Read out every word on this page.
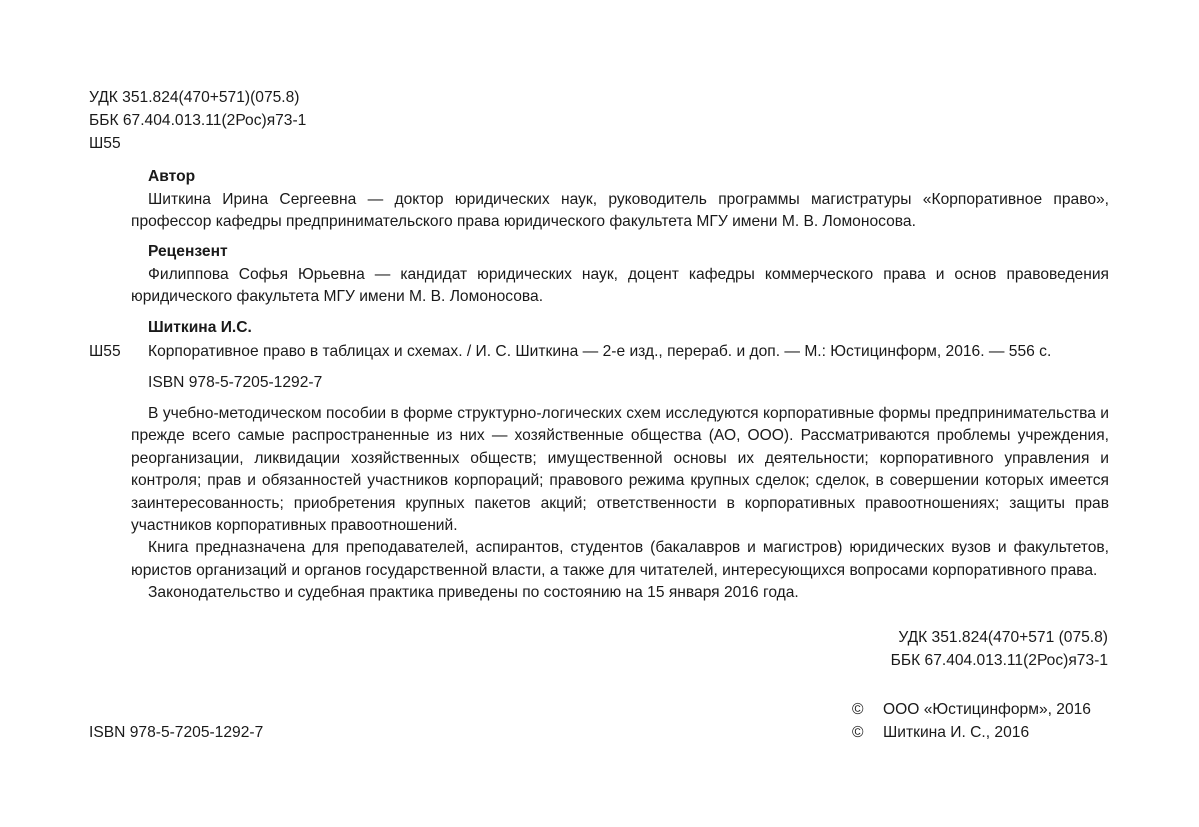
УДК 351.824(470+571)(075.8)
ББК 67.404.013.11(2Рос)я73-1
Ш55
Автор

Шиткина Ирина Сергеевна — доктор юридических наук, руководитель программы магистратуры «Корпоративное право», профессор кафедры предпринимательского права юридического факультета МГУ имени М. В. Ломоносова.

Рецензент

Филиппова Софья Юрьевна — кандидат юридических наук, доцент кафедры коммерческого права и основ правоведения юридического факультета МГУ имени М. В. Ломоносова.

Шиткина И.С.
Ш55 Корпоративное право в таблицах и схемах. / И. С. Шиткина — 2-е изд., перераб. и доп. — М.: Юстицинформ, 2016. — 556 с.
ISBN 978-5-7205-1292-7

В учебно-методическом пособии в форме структурно-логических схем исследуются корпоративные формы предпринимательства и прежде всего самые распространенные из них — хозяйственные общества (АО, ООО). Рассматриваются проблемы учреждения, реорганизации, ликвидации хозяйственных обществ; имущественной основы их деятельности; корпоративного управления и контроля; прав и обязанностей участников корпораций; правового режима крупных сделок; сделок, в совершении которых имеется заинтересованность; приобретения крупных пакетов акций; ответственности в корпоративных правоотношениях; защиты прав участников корпоративных правоотношений.

Книга предназначена для преподавателей, аспирантов, студентов (бакалавров и магистров) юридических вузов и факультетов, юристов организаций и органов государственной власти, а также для читателей, интересующихся вопросами корпоративного права.

Законодательство и судебная практика приведены по состоянию на 15 января 2016 года.

УДК 351.824(470+571 (075.8)
ББК 67.404.013.11(2Рос)я73-1
ISBN 978-5-7205-1292-7
© ООО «Юстицинформ», 2016
© Шиткина И. С., 2016
